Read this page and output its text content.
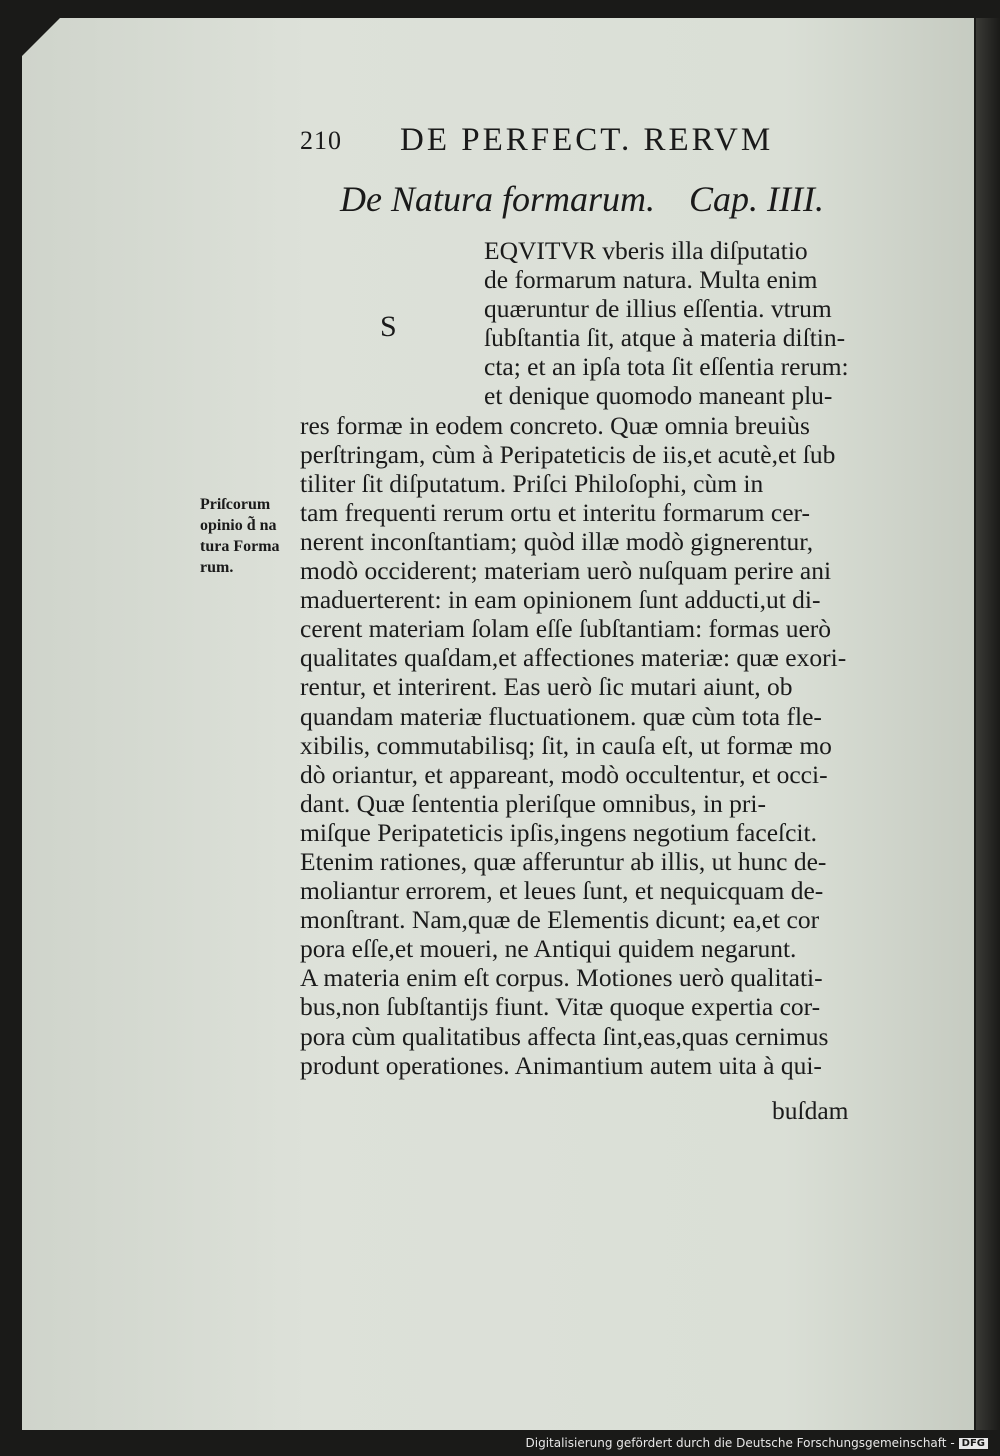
210 DE PERFECT. RERVM
De Natura formarum. Cap. IIII.
S
Priſcorum
opinio d̃ na
tura Forma
rum.
EQVITVR vberis illa diſputatio
de formarum natura. Multa enim
quæruntur de illius eſſentia. vtrum
ſubſtantia ſit, atque à materia diſtin-
cta; et an ipſa tota ſit eſſentia rerum:
et denique quomodo maneant plu-
res formæ in eodem concreto. Quæ omnia breuiùs
perſtringam, cùm à Peripateticis de iis,et acutè,et ſub
tiliter ſit diſputatum. Priſci Philoſophi, cùm in
tam frequenti rerum ortu et interitu formarum cer-
nerent inconſtantiam; quòd illæ modò gignerentur,
modò occiderent; materiam uerò nuſquam perire ani
maduerterent: in eam opinionem ſunt adducti,ut di-
cerent materiam ſolam eſſe ſubſtantiam: formas uerò
qualitates quaſdam,et affectiones materiæ: quæ exori-
rentur, et interirent. Eas uerò ſic mutari aiunt, ob
quandam materiæ fluctuationem. quæ cùm tota fle-
xibilis, commutabilisq; ſit, in cauſa eſt, ut formæ mo
dò oriantur, et appareant, modò occultentur, et occi-
dant. Quæ ſententia pleriſque omnibus, in pri-
miſque Peripateticis ipſis,ingens negotium faceſcit.
Etenim rationes, quæ afferuntur ab illis, ut hunc de-
moliantur errorem, et leues ſunt, et nequicquam de-
monſtrant. Nam,quæ de Elementis dicunt; ea,et cor
pora eſſe,et moueri, ne Antiqui quidem negarunt.
A materia enim eſt corpus. Motiones uerò qualitati-
bus,non ſubſtantijs fiunt. Vitæ quoque expertia cor-
pora cùm qualitatibus affecta ſint,eas,quas cernimus
produnt operationes. Animantium autem uita à qui-
buſdam
Digitalisierung gefördert durch die Deutsche Forschungsgemeinschaft - DFG
